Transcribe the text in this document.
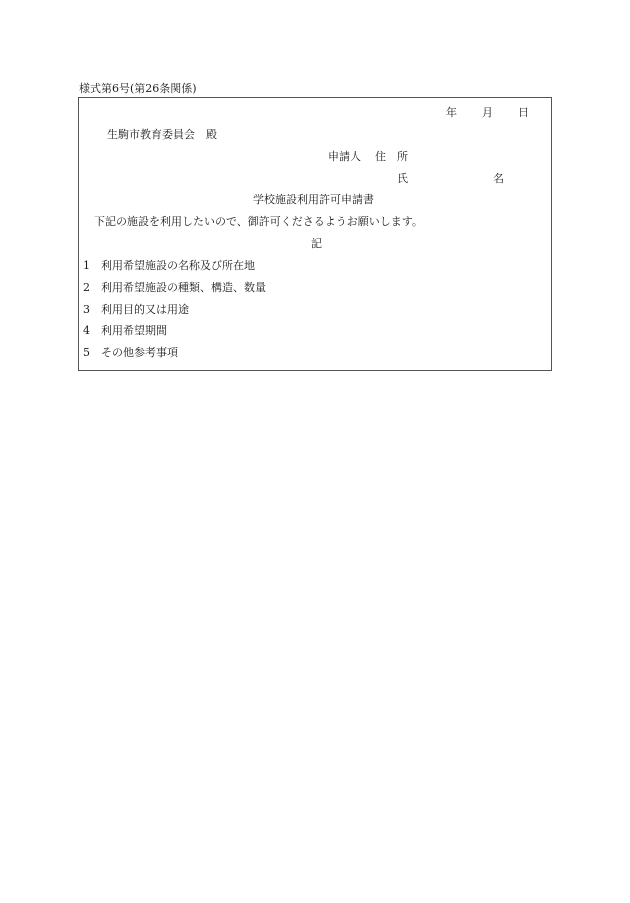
様式第6号(第26条関係)
年 月 日
生駒市教育委員会　殿
申請人 住　所
氏	名
学校施設利用許可申請書
下記の施設を利用したいので、御許可くださるようお願いします。
記
1 利用希望施設の名称及び所在地
2 利用希望施設の種類、構造、数量
3 利用目的又は用途
4 利用希望期間
5 その他参考事項
